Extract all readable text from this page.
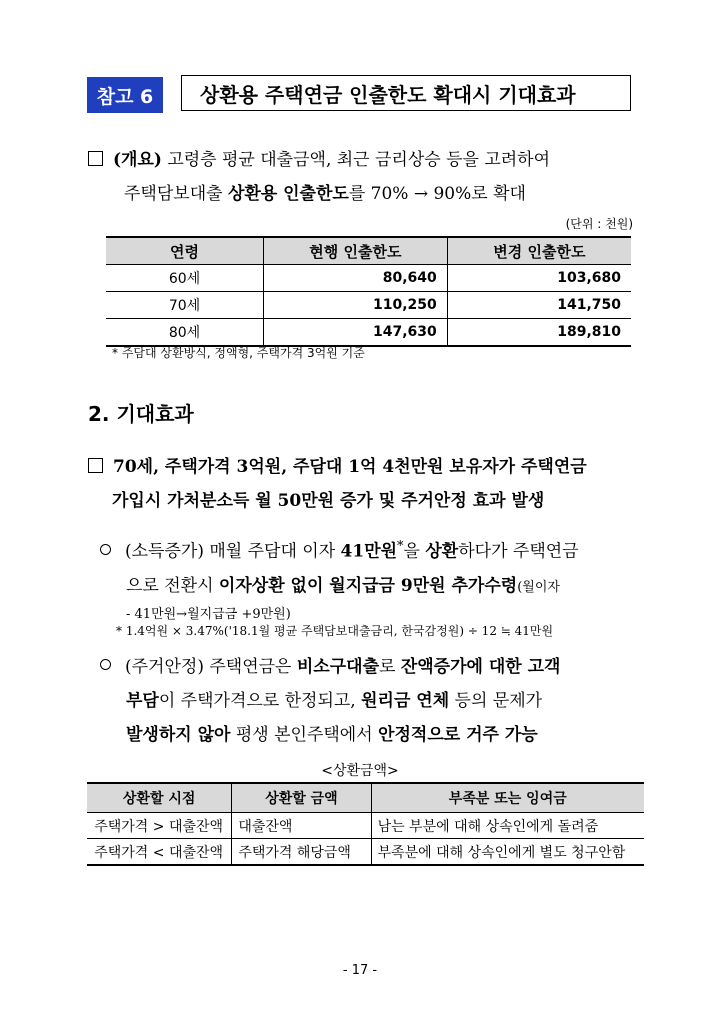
참고 6	상환용 주택연금 인출한도 확대시 기대효과
(개요) 고령층 평균 대출금액, 최근 금리상승 등을 고려하여
주택담보대출 상환용 인출한도를 70% → 90%로 확대
(단위 : 천원)
연령	현행 인출한도	변경 인출한도
60세	80,640	103,680
70세	110,250	141,750
80세	147,630	189,810
* 주담대 상환방식, 정액형, 주택가격 3억원 기준
2. 기대효과
70세, 주택가격 3억원, 주담대 1억 4천만원 보유자가 주택연금
가입시 가처분소득 월 50만원 증가 및 주거안정 효과 발생
(소득증가) 매월 주담대 이자 41만원*을 상환하다가 주택연금
으로 전환시 이자상환 없이 월지급금 9만원 추가수령(월이자
- 41만원→월지급금 +9만원)
* 1.4억원 × 3.47%('18.1월 평균 주택담보대출금리, 한국감정원) ÷ 12 ≒ 41만원
(주거안정) 주택연금은 비소구대출로 잔액증가에 대한 고객
부담이 주택가격으로 한정되고, 원리금 연체 등의 문제가
발생하지 않아 평생 본인주택에서 안정적으로 거주 가능
<상환금액>
상환할 시점	상환할 금액	부족분 또는 잉여금
주택가격 > 대출잔액	대출잔액	남는 부분에 대해 상속인에게 돌려줌
주택가격 < 대출잔액	주택가격 해당금액	부족분에 대해 상속인에게 별도 청구안함
- 17 -
